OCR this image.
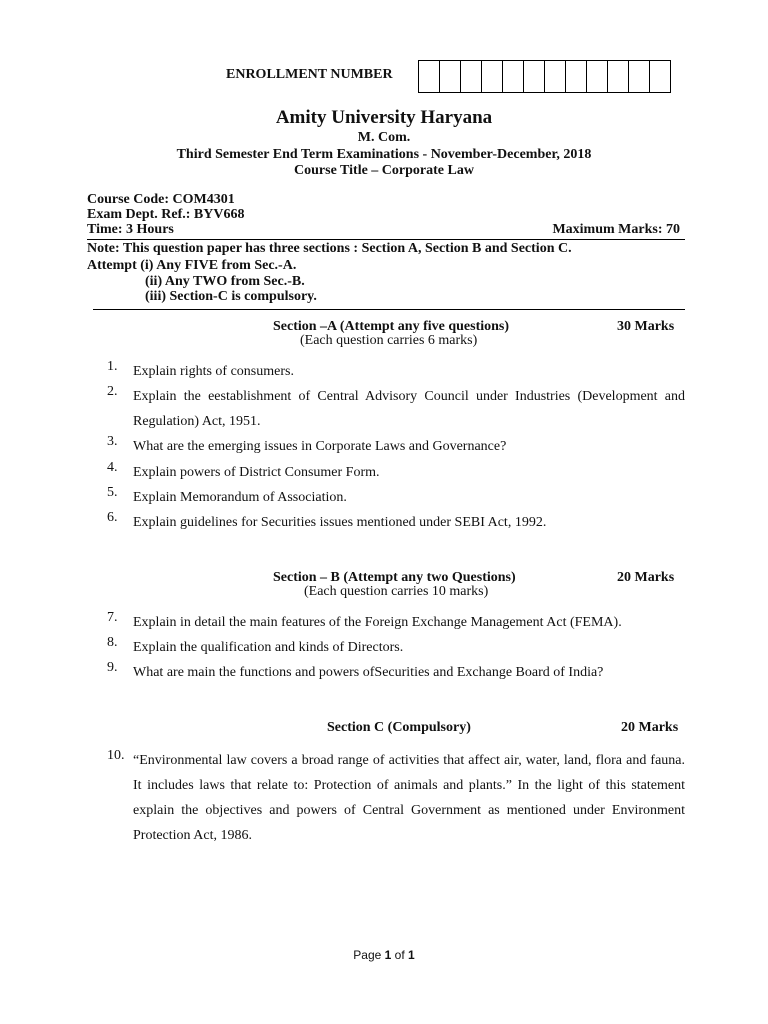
ENROLLMENT NUMBER
Amity University Haryana
M. Com.
Third Semester End Term Examinations - November-December, 2018
Course Title – Corporate Law
Course Code: COM4301
Exam Dept. Ref.: BYV668
Time: 3 Hours	Maximum Marks: 70
Note: This question paper has three sections : Section A, Section B and Section C.
Attempt (i) Any FIVE from Sec.-A.
(ii) Any TWO from Sec.-B.
(iii) Section-C is compulsory.
Section –A (Attempt any five questions)	30 Marks
(Each question carries 6 marks)
1.	Explain rights of consumers.
2.	Explain the eestablishment of Central Advisory Council under Industries (Development and Regulation) Act, 1951.
3.	What are the emerging issues in Corporate Laws and Governance?
4.	Explain powers of District Consumer Form.
5.	Explain Memorandum of Association.
6.	Explain guidelines for Securities issues mentioned under SEBI Act, 1992.
Section – B (Attempt any two Questions)	20 Marks
(Each question carries 10 marks)
7.	Explain in detail the main features of the Foreign Exchange Management Act (FEMA).
8.	Explain the qualification and kinds of Directors.
9.	What are main the functions and powers ofSecurities and Exchange Board of India?
Section C (Compulsory)	20 Marks
10. “Environmental law covers a broad range of activities that affect air, water, land, flora and fauna. It includes laws that relate to: Protection of animals and plants.” In the light of this statement explain the objectives and powers of Central Government as mentioned under Environment Protection Act, 1986.
Page 1 of 1
